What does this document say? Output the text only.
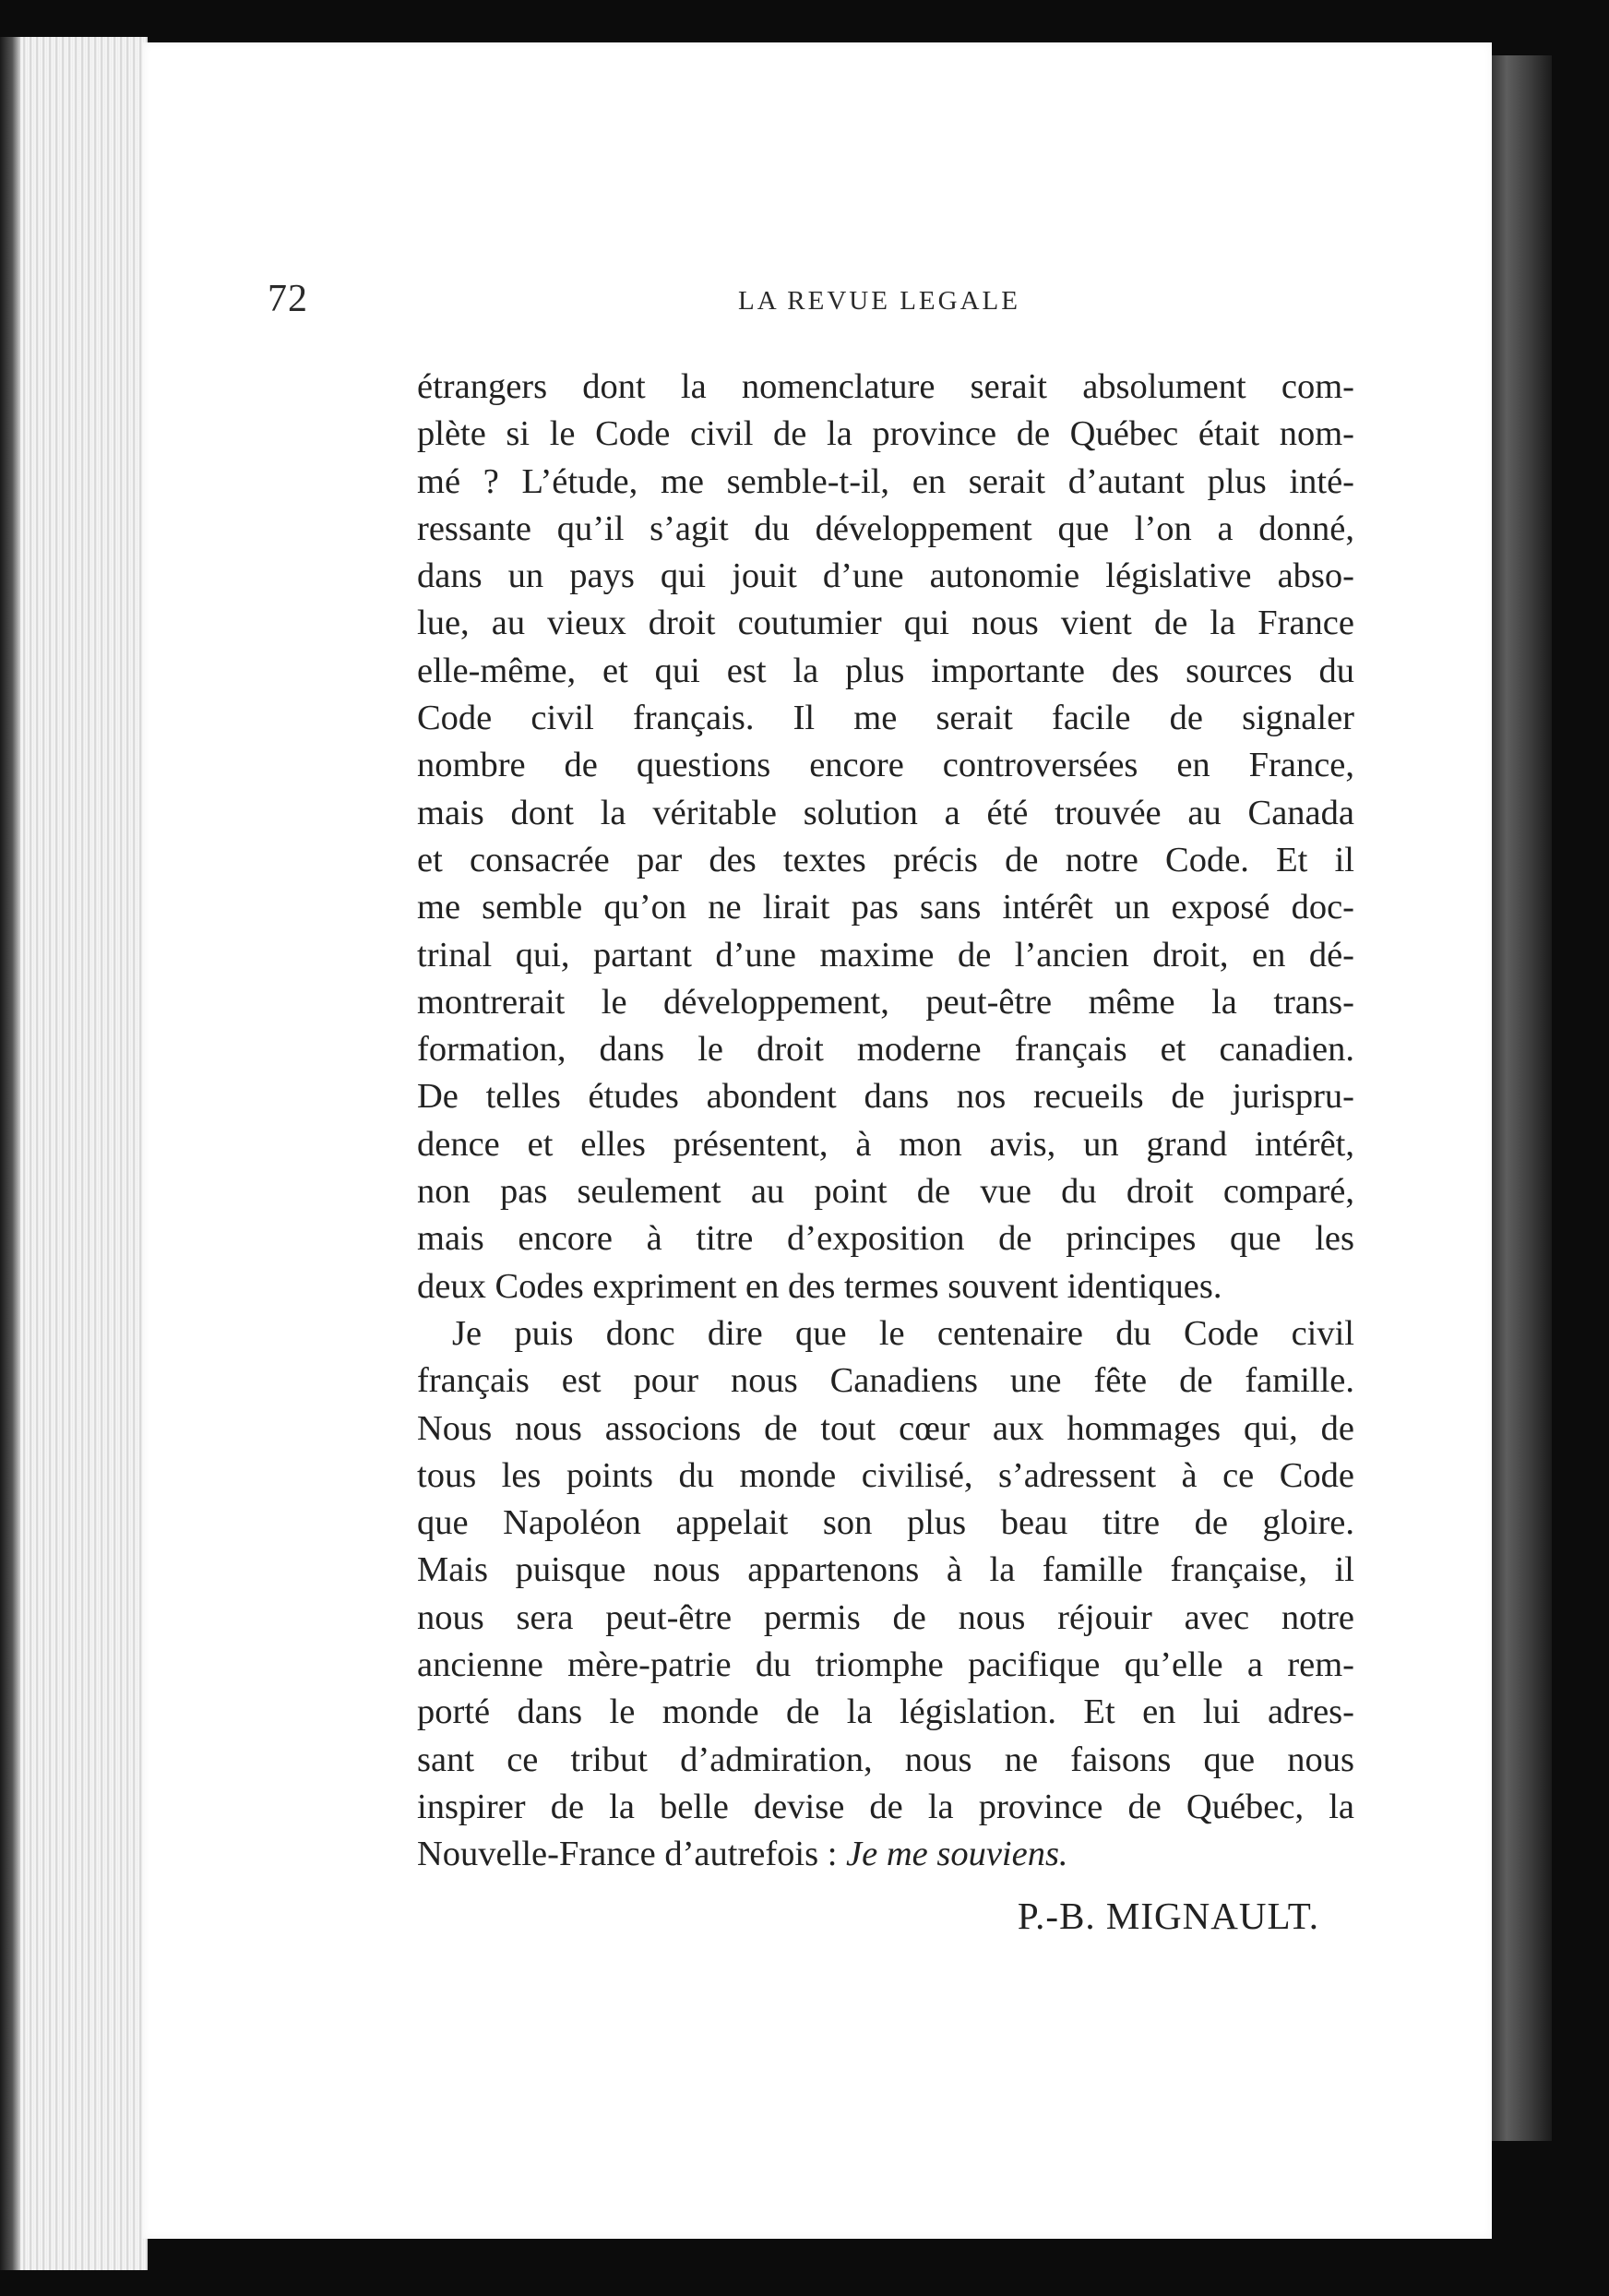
72	LA REVUE LEGALE
étrangers dont la nomenclature serait absolument com-
plète si le Code civil de la province de Québec était nom-
mé ? L’étude, me semble-t-il, en serait d’autant plus inté-
ressante qu’il s’agit du développement que l’on a donné,
dans un pays qui jouit d’une autonomie législative abso-
lue, au vieux droit coutumier qui nous vient de la France
elle-même, et qui est la plus importante des sources du
Code civil français. Il me serait facile de signaler
nombre de questions encore controversées en France,
mais dont la véritable solution a été trouvée au Canada
et consacrée par des textes précis de notre Code. Et il
me semble qu’on ne lirait pas sans intérêt un exposé doc-
trinal qui, partant d’une maxime de l’ancien droit, en dé-
montrerait le développement, peut-être même la trans-
formation, dans le droit moderne français et canadien.
De telles études abondent dans nos recueils de jurispru-
dence et elles présentent, à mon avis, un grand intérêt,
non pas seulement au point de vue du droit comparé,
mais encore à titre d’exposition de principes que les
deux Codes expriment en des termes souvent identiques.
Je puis donc dire que le centenaire du Code civil
français est pour nous Canadiens une fête de famille.
Nous nous associons de tout cœur aux hommages qui, de
tous les points du monde civilisé, s’adressent à ce Code
que Napoléon appelait son plus beau titre de gloire.
Mais puisque nous appartenons à la famille française, il
nous sera peut-être permis de nous réjouir avec notre
ancienne mère-patrie du triomphe pacifique qu’elle a rem-
porté dans le monde de la législation. Et en lui adres-
sant ce tribut d’admiration, nous ne faisons que nous
inspirer de la belle devise de la province de Québec, la
Nouvelle-France d’autrefois : Je me souviens.
P.-B. MIGNAULT.
